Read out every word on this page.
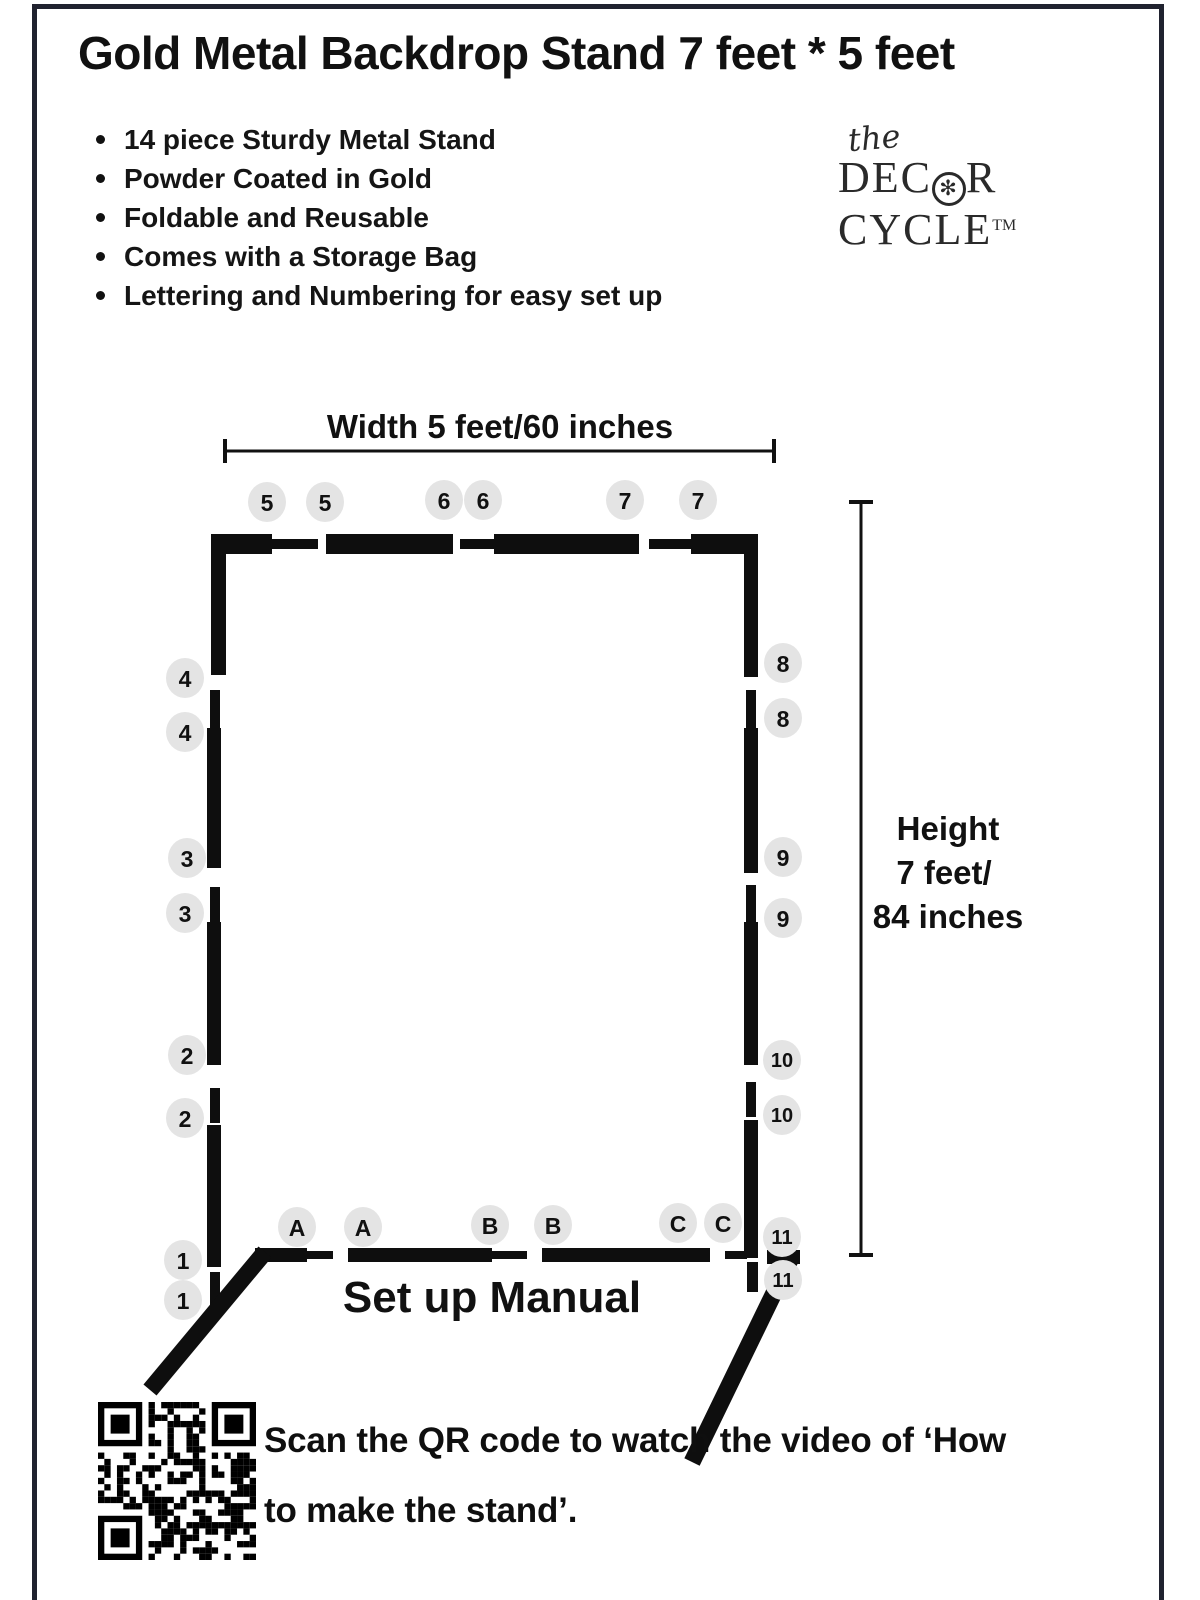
Gold Metal Backdrop Stand 7 feet * 5 feet
14 piece Sturdy Metal Stand
Powder Coated in Gold
Foldable and Reusable
Comes with a Storage Bag
Lettering and Numbering for easy set up
the
DEC ✻ R
CYCLE™
Width 5 feet/60 inches
Height
7 feet/
84 inches
Set up Manual
5 5	6 6	7	7
4
4
3
3
2
2
1
1
8
8
9
9
10
10
11
11
A A	B B	C C
Scan the QR code to watch the video of ‘How
to make the stand’.
